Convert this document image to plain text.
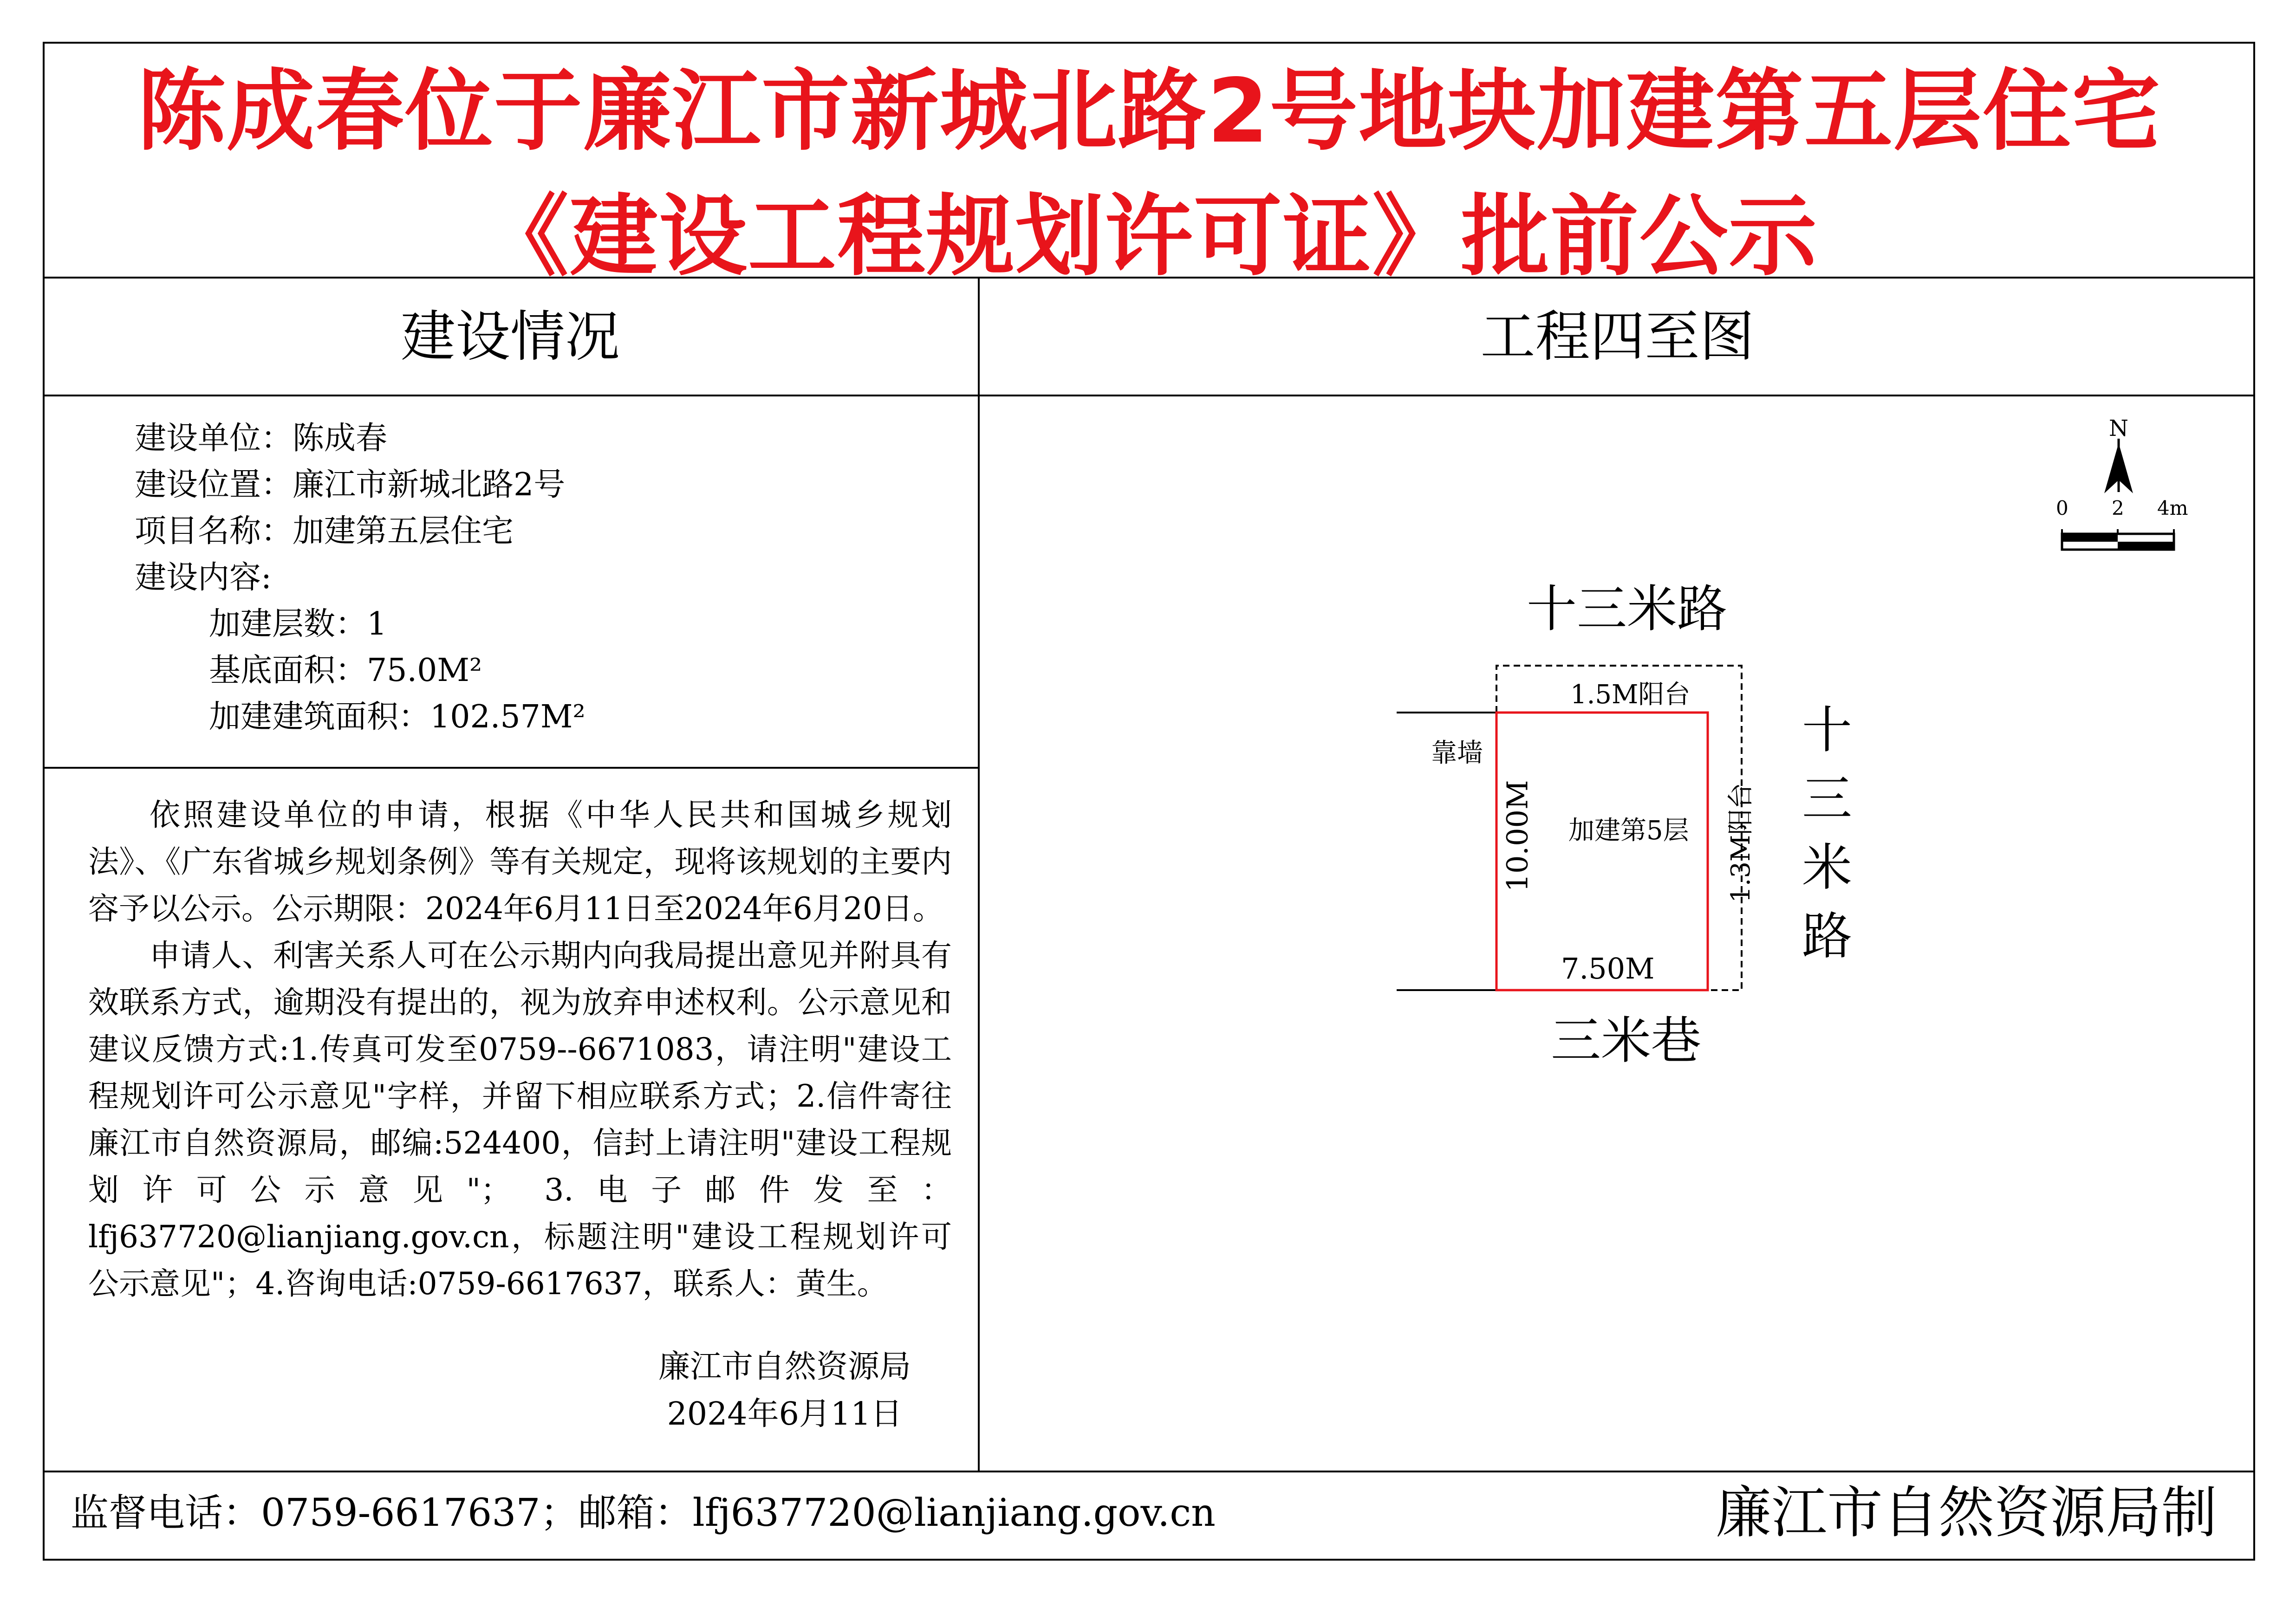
陈成春位于廉江市新城北路2号地块加建第五层住宅《建设工程规划许可证》批前公示
建设情况	工程四至图
建设单位：陈成春
建设位置：廉江市新城北路2号
项目名称：加建第五层住宅
建设内容:
加建层数：1
基底面积：75.0M²
加建建筑面积：102.57M²

依照建设单位的申请，根据《中华人民共和国城乡规划法》、《广东省城乡规划条例》等有关规定，现将该规划的主要内容予以公示。公示期限：2024年6月11日至2024年6月20日。

申请人、利害关系人可在公示期内向我局提出意见并附具有效联系方式，逾期没有提出的，视为放弃申述权利。公示意见和建议反馈方式:1.传真可发至0759--6671083，请注明"建设工程规划许可公示意见"字样，并留下相应联系方式；2.信件寄往廉江市自然资源局，邮编:524400，信封上请注明"建设工程规划许可公示意见"； 3.电子邮件发至：lfj637720@lianjiang.gov.cn，标题注明"建设工程规划许可公示意见"；4.咨询电话:0759-6617637，联系人：黄生。

廉江市自然资源局
2024年6月11日
N
0 2 4m
十三米路
十
三
米
路
三米巷
1.5M阳台
靠墙
加建第5层
7.50M
10.00M	1.3M阳台
监督电话：0759-6617637；邮箱：lfj637720@lianjiang.gov.cn	廉江市自然资源局制
